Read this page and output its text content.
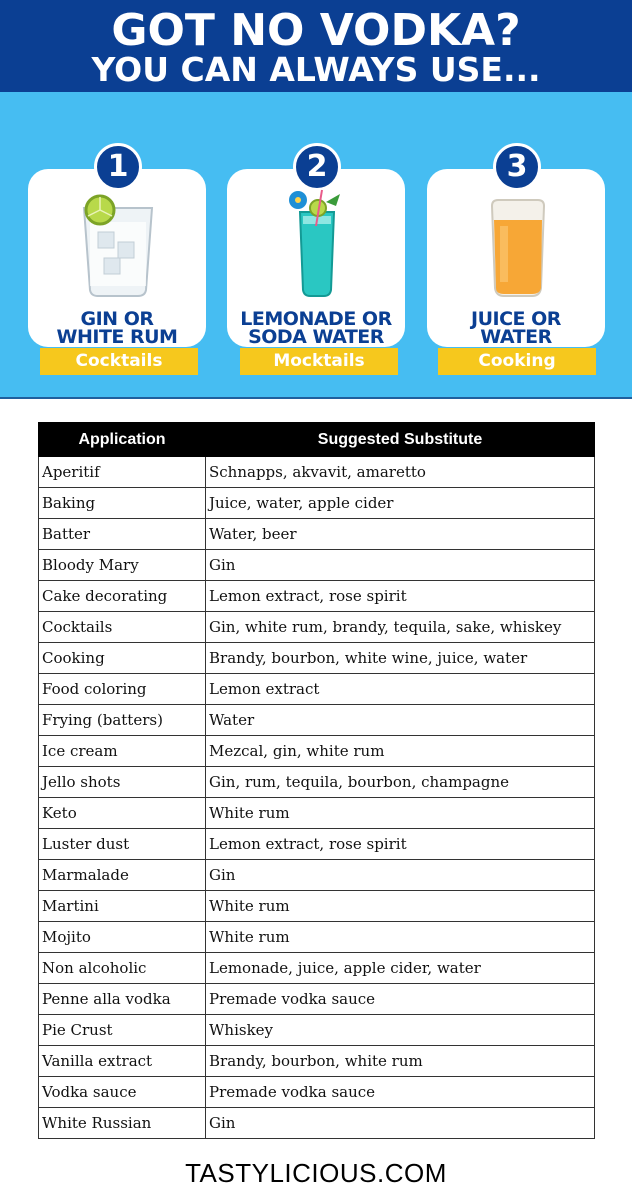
GOT NO VODKA?
YOU CAN ALWAYS USE...
1
GIN OR
WHITE RUM
Cocktails
2
LEMONADE OR
SODA WATER
Mocktails
3
JUICE OR
WATER
Cooking
Application	Suggested Substitute
Aperitif	Schnapps, akvavit, amaretto
Baking	Juice, water, apple cider
Batter	Water, beer
Bloody Mary	Gin
Cake decorating	Lemon extract, rose spirit
Cocktails	Gin, white rum, brandy, tequila, sake, whiskey
Cooking	Brandy, bourbon, white wine, juice, water
Food coloring	Lemon extract
Frying (batters)	Water
Ice cream	Mezcal, gin, white rum
Jello shots	Gin, rum, tequila, bourbon, champagne
Keto	White rum
Luster dust	Lemon extract, rose spirit
Marmalade	Gin
Martini	White rum
Mojito	White rum
Non alcoholic	Lemonade, juice, apple cider, water
Penne alla vodka	Premade vodka sauce
Pie Crust	Whiskey
Vanilla extract	Brandy, bourbon, white rum
Vodka sauce	Premade vodka sauce
White Russian	Gin
TASTYLICIOUS.COM
